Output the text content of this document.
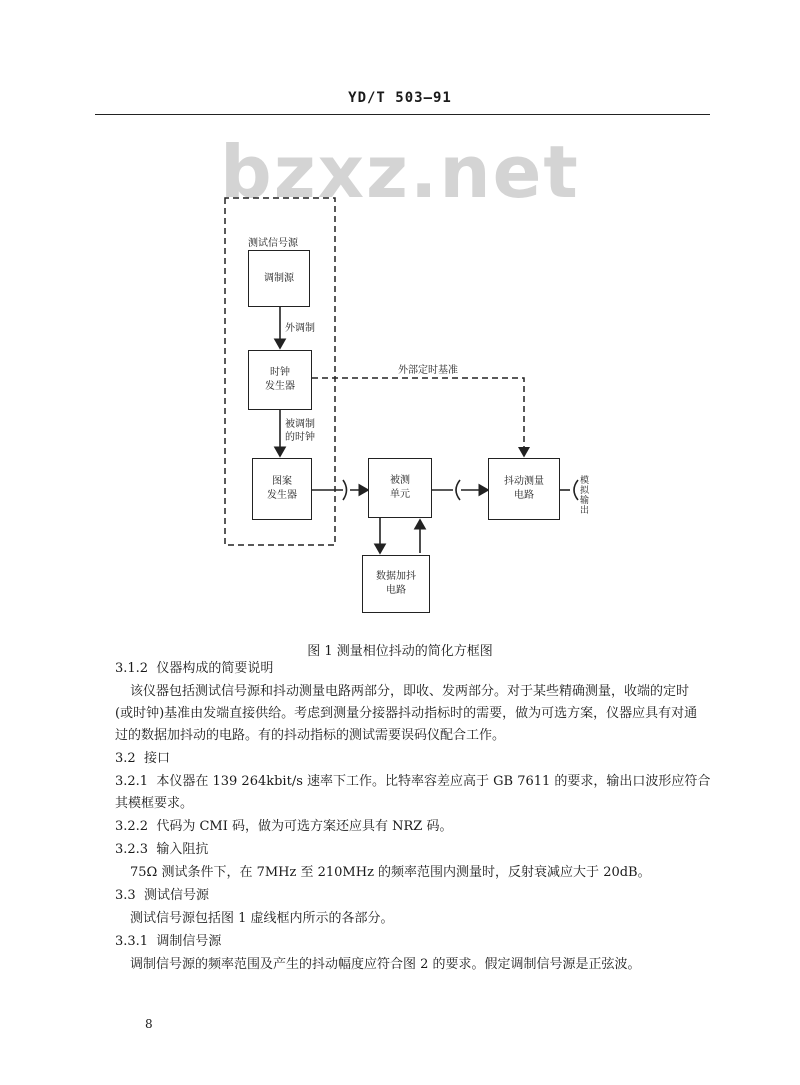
YD/T 503—91
bzxz.net
测试信号源
调制源
外调制
时钟
发生器
被调制
的时钟
图案
发生器
外部定时基准
被测
单元
抖动测量
电路
模
拟
输
出
数据加抖
电路
图 1 测量相位抖动的简化方框图
3.1.2 仪器构成的简要说明
该仪器包括测试信号源和抖动测量电路两部分，即收、发两部分。对于某些精确测量，收端的定时
(或时钟)基准由发端直接供给。考虑到测量分接器抖动指标时的需要，做为可选方案，仪器应具有对通
过的数据加抖动的电路。有的抖动指标的测试需要误码仪配合工作。
3.2 接口
3.2.1 本仪器在 139 264kbit/s 速率下工作。比特率容差应高于 GB 7611 的要求，输出口波形应符合
其模框要求。
3.2.2 代码为 CMI 码，做为可选方案还应具有 NRZ 码。
3.2.3 输入阻抗
75Ω 测试条件下，在 7MHz 至 210MHz 的频率范围内测量时，反射衰减应大于 20dB。
3.3 测试信号源
测试信号源包括图 1 虚线框内所示的各部分。
3.3.1 调制信号源
调制信号源的频率范围及产生的抖动幅度应符合图 2 的要求。假定调制信号源是正弦波。
8
